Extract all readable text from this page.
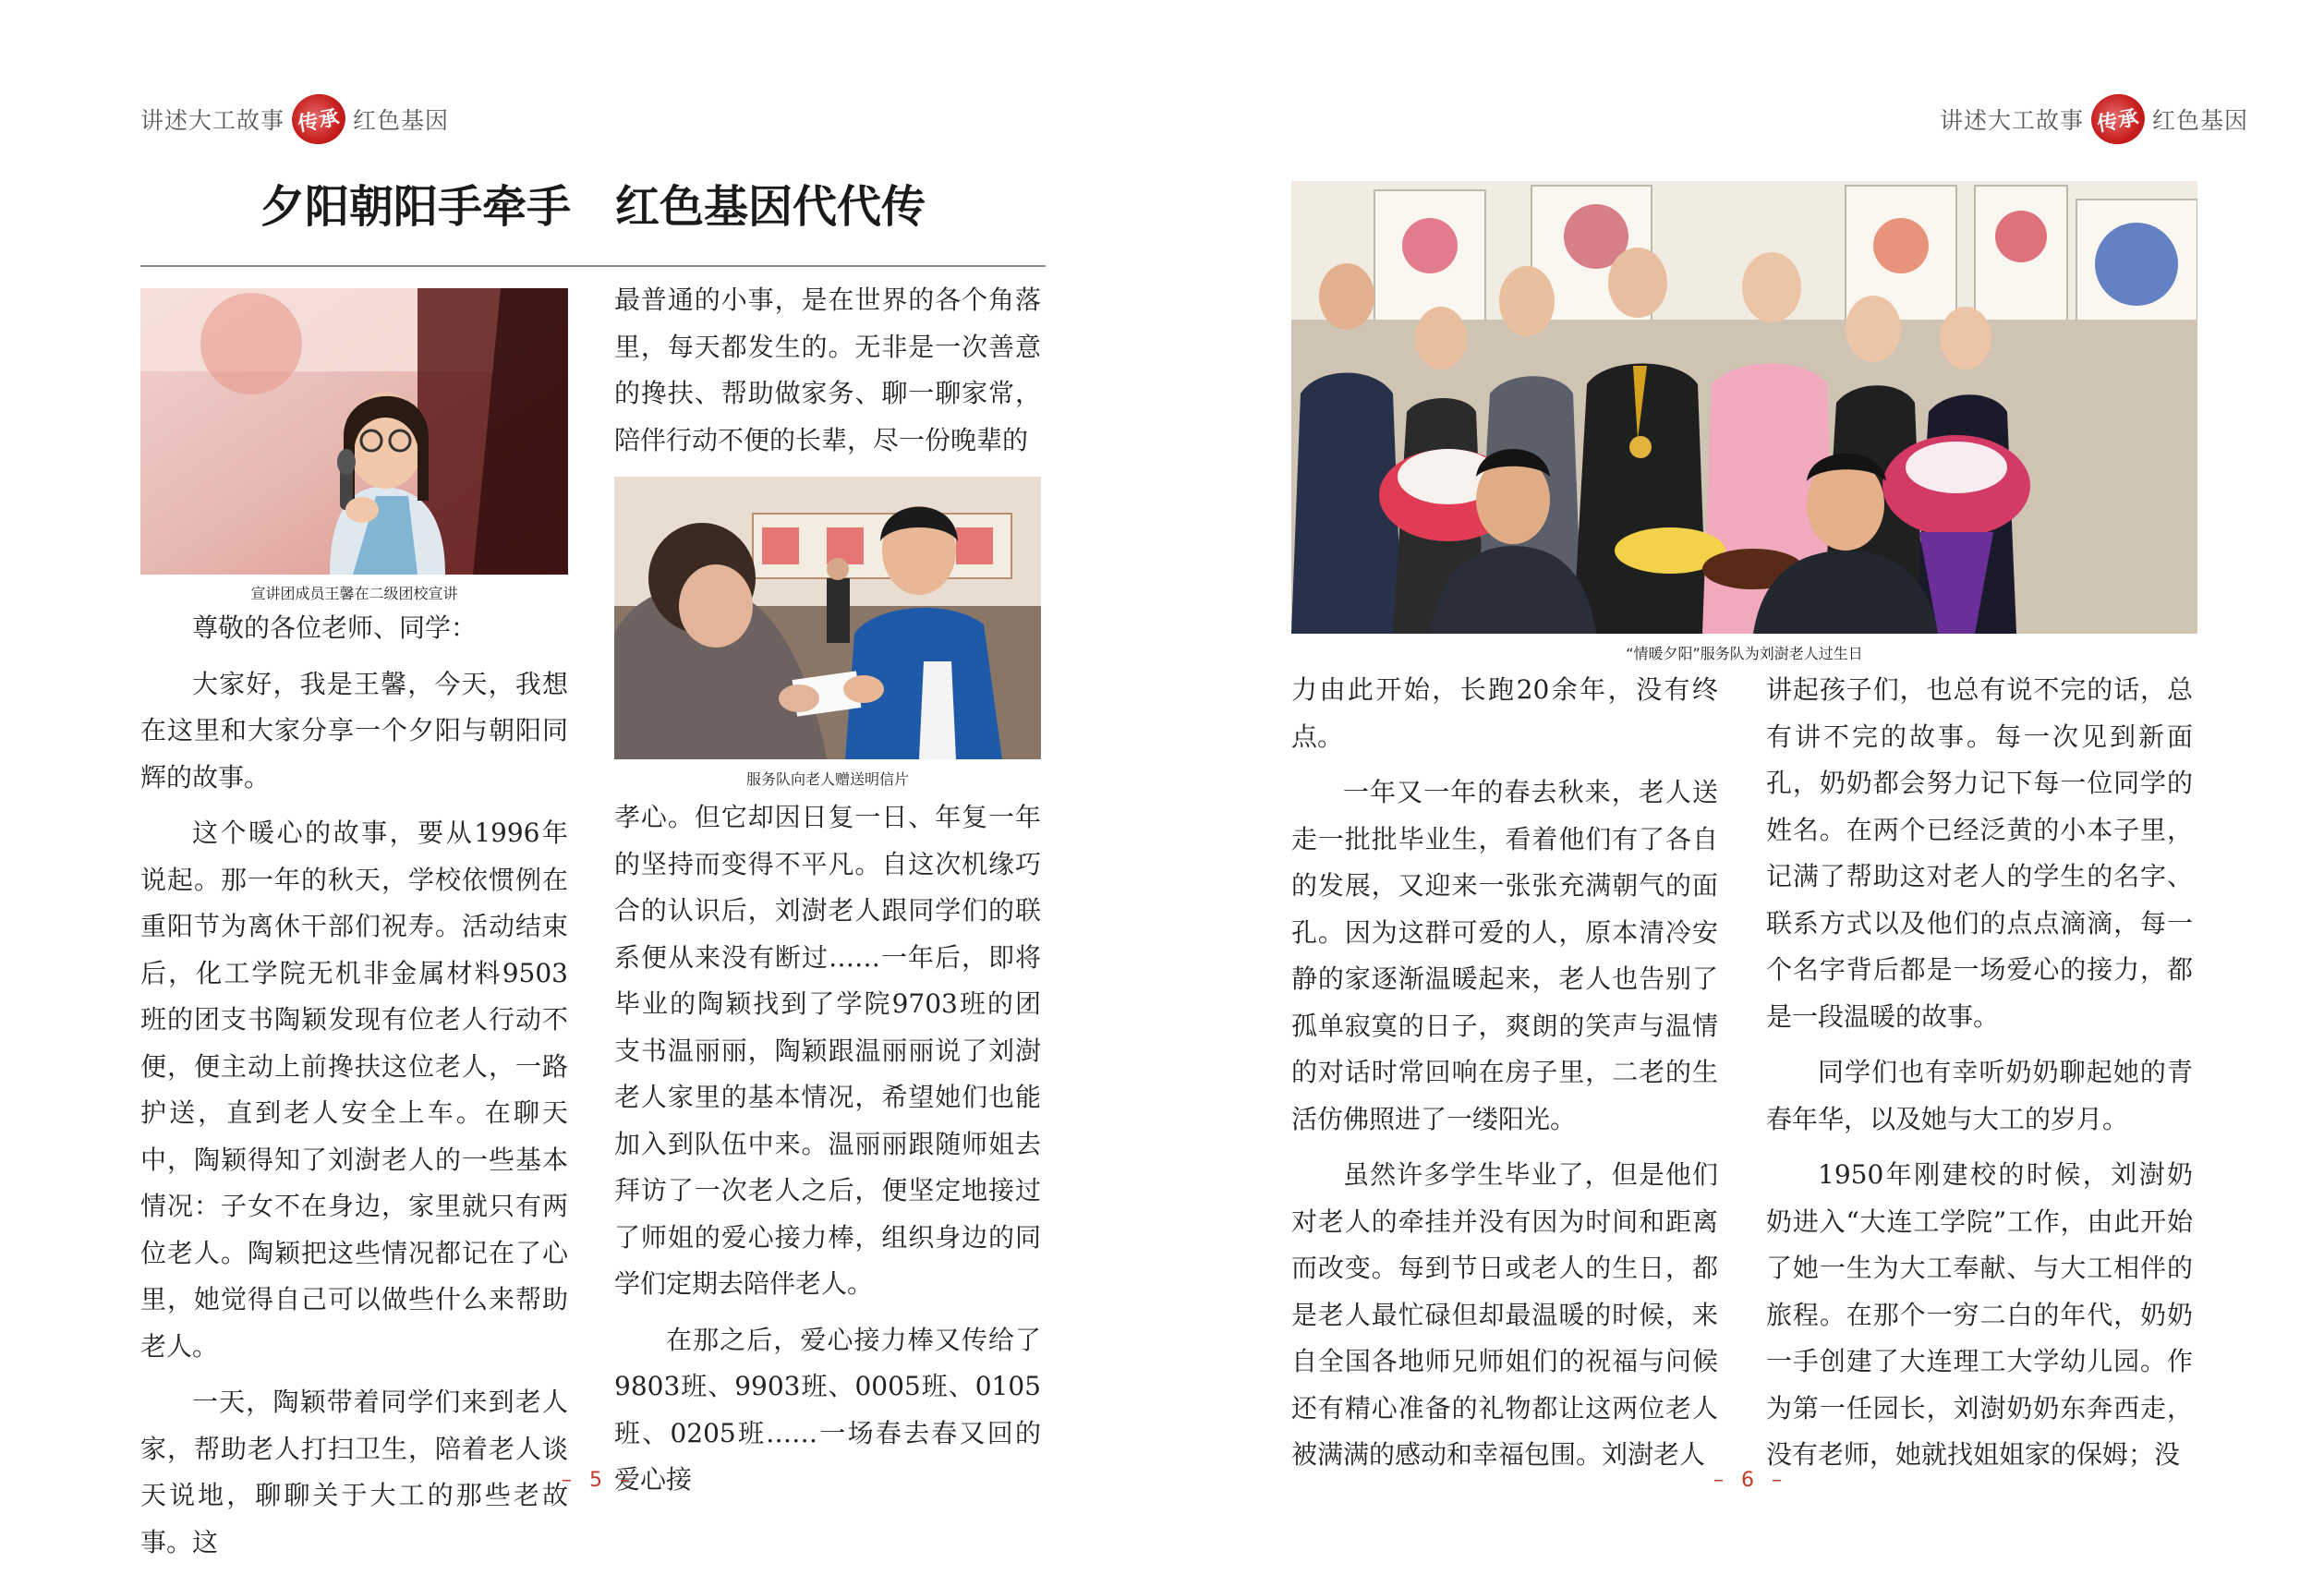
讲述大工故事 传承 红色基因
夕阳朝阳手牵手　红色基因代代传
宣讲团成员王馨在二级团校宣讲

尊敬的各位老师、同学：

大家好，我是王馨，今天，我想在这里和大家分享一个夕阳与朝阳同辉的故事。

这个暖心的故事，要从1996年说起。那一年的秋天，学校依惯例在重阳节为离休干部们祝寿。活动结束后，化工学院无机非金属材料9503班的团支书陶颖发现有位老人行动不便，便主动上前搀扶这位老人，一路护送，直到老人安全上车。在聊天中，陶颖得知了刘澍老人的一些基本情况：子女不在身边，家里就只有两位老人。陶颖把这些情况都记在了心里，她觉得自己可以做些什么来帮助老人。

一天，陶颖带着同学们来到老人家，帮助老人打扫卫生，陪着老人谈天说地，聊聊关于大工的那些老故事。这

最普通的小事，是在世界的各个角落里，每天都发生的。无非是一次善意的搀扶、帮助做家务、聊一聊家常，陪伴行动不便的长辈，尽一份晚辈的

服务队向老人赠送明信片

孝心。但它却因日复一日、年复一年的坚持而变得不平凡。自这次机缘巧合的认识后，刘澍老人跟同学们的联系便从来没有断过……一年后，即将毕业的陶颖找到了学院9703班的团支书温丽丽，陶颖跟温丽丽说了刘澍老人家里的基本情况，希望她们也能加入到队伍中来。温丽丽跟随师姐去拜访了一次老人之后，便坚定地接过了师姐的爱心接力棒，组织身边的同学们定期去陪伴老人。

在那之后，爱心接力棒又传给了9803班、9903班、0005班、0105班、0205班……一场春去春又回的爱心接

– 5 –
讲述大工故事 传承 红色基因
“情暖夕阳”服务队为刘澍老人过生日

力由此开始，长跑20余年，没有终点。

一年又一年的春去秋来，老人送走一批批毕业生，看着他们有了各自的发展，又迎来一张张充满朝气的面孔。因为这群可爱的人，原本清冷安静的家逐渐温暖起来，老人也告别了孤单寂寞的日子，爽朗的笑声与温情的对话时常回响在房子里，二老的生活仿佛照进了一缕阳光。

虽然许多学生毕业了，但是他们对老人的牵挂并没有因为时间和距离而改变。每到节日或老人的生日，都是老人最忙碌但却最温暖的时候，来自全国各地师兄师姐们的祝福与问候还有精心准备的礼物都让这两位老人被满满的感动和幸福包围。刘澍老人

讲起孩子们，也总有说不完的话，总有讲不完的故事。每一次见到新面孔，奶奶都会努力记下每一位同学的姓名。在两个已经泛黄的小本子里，记满了帮助这对老人的学生的名字、联系方式以及他们的点点滴滴，每一个名字背后都是一场爱心的接力，都是一段温暖的故事。

同学们也有幸听奶奶聊起她的青春年华，以及她与大工的岁月。

1950年刚建校的时候，刘澍奶奶进入“大连工学院”工作，由此开始了她一生为大工奉献、与大工相伴的旅程。在那个一穷二白的年代，奶奶一手创建了大连理工大学幼儿园。作为第一任园长，刘澍奶奶东奔西走，没有老师，她就找姐姐家的保姆；没

– 6 –
